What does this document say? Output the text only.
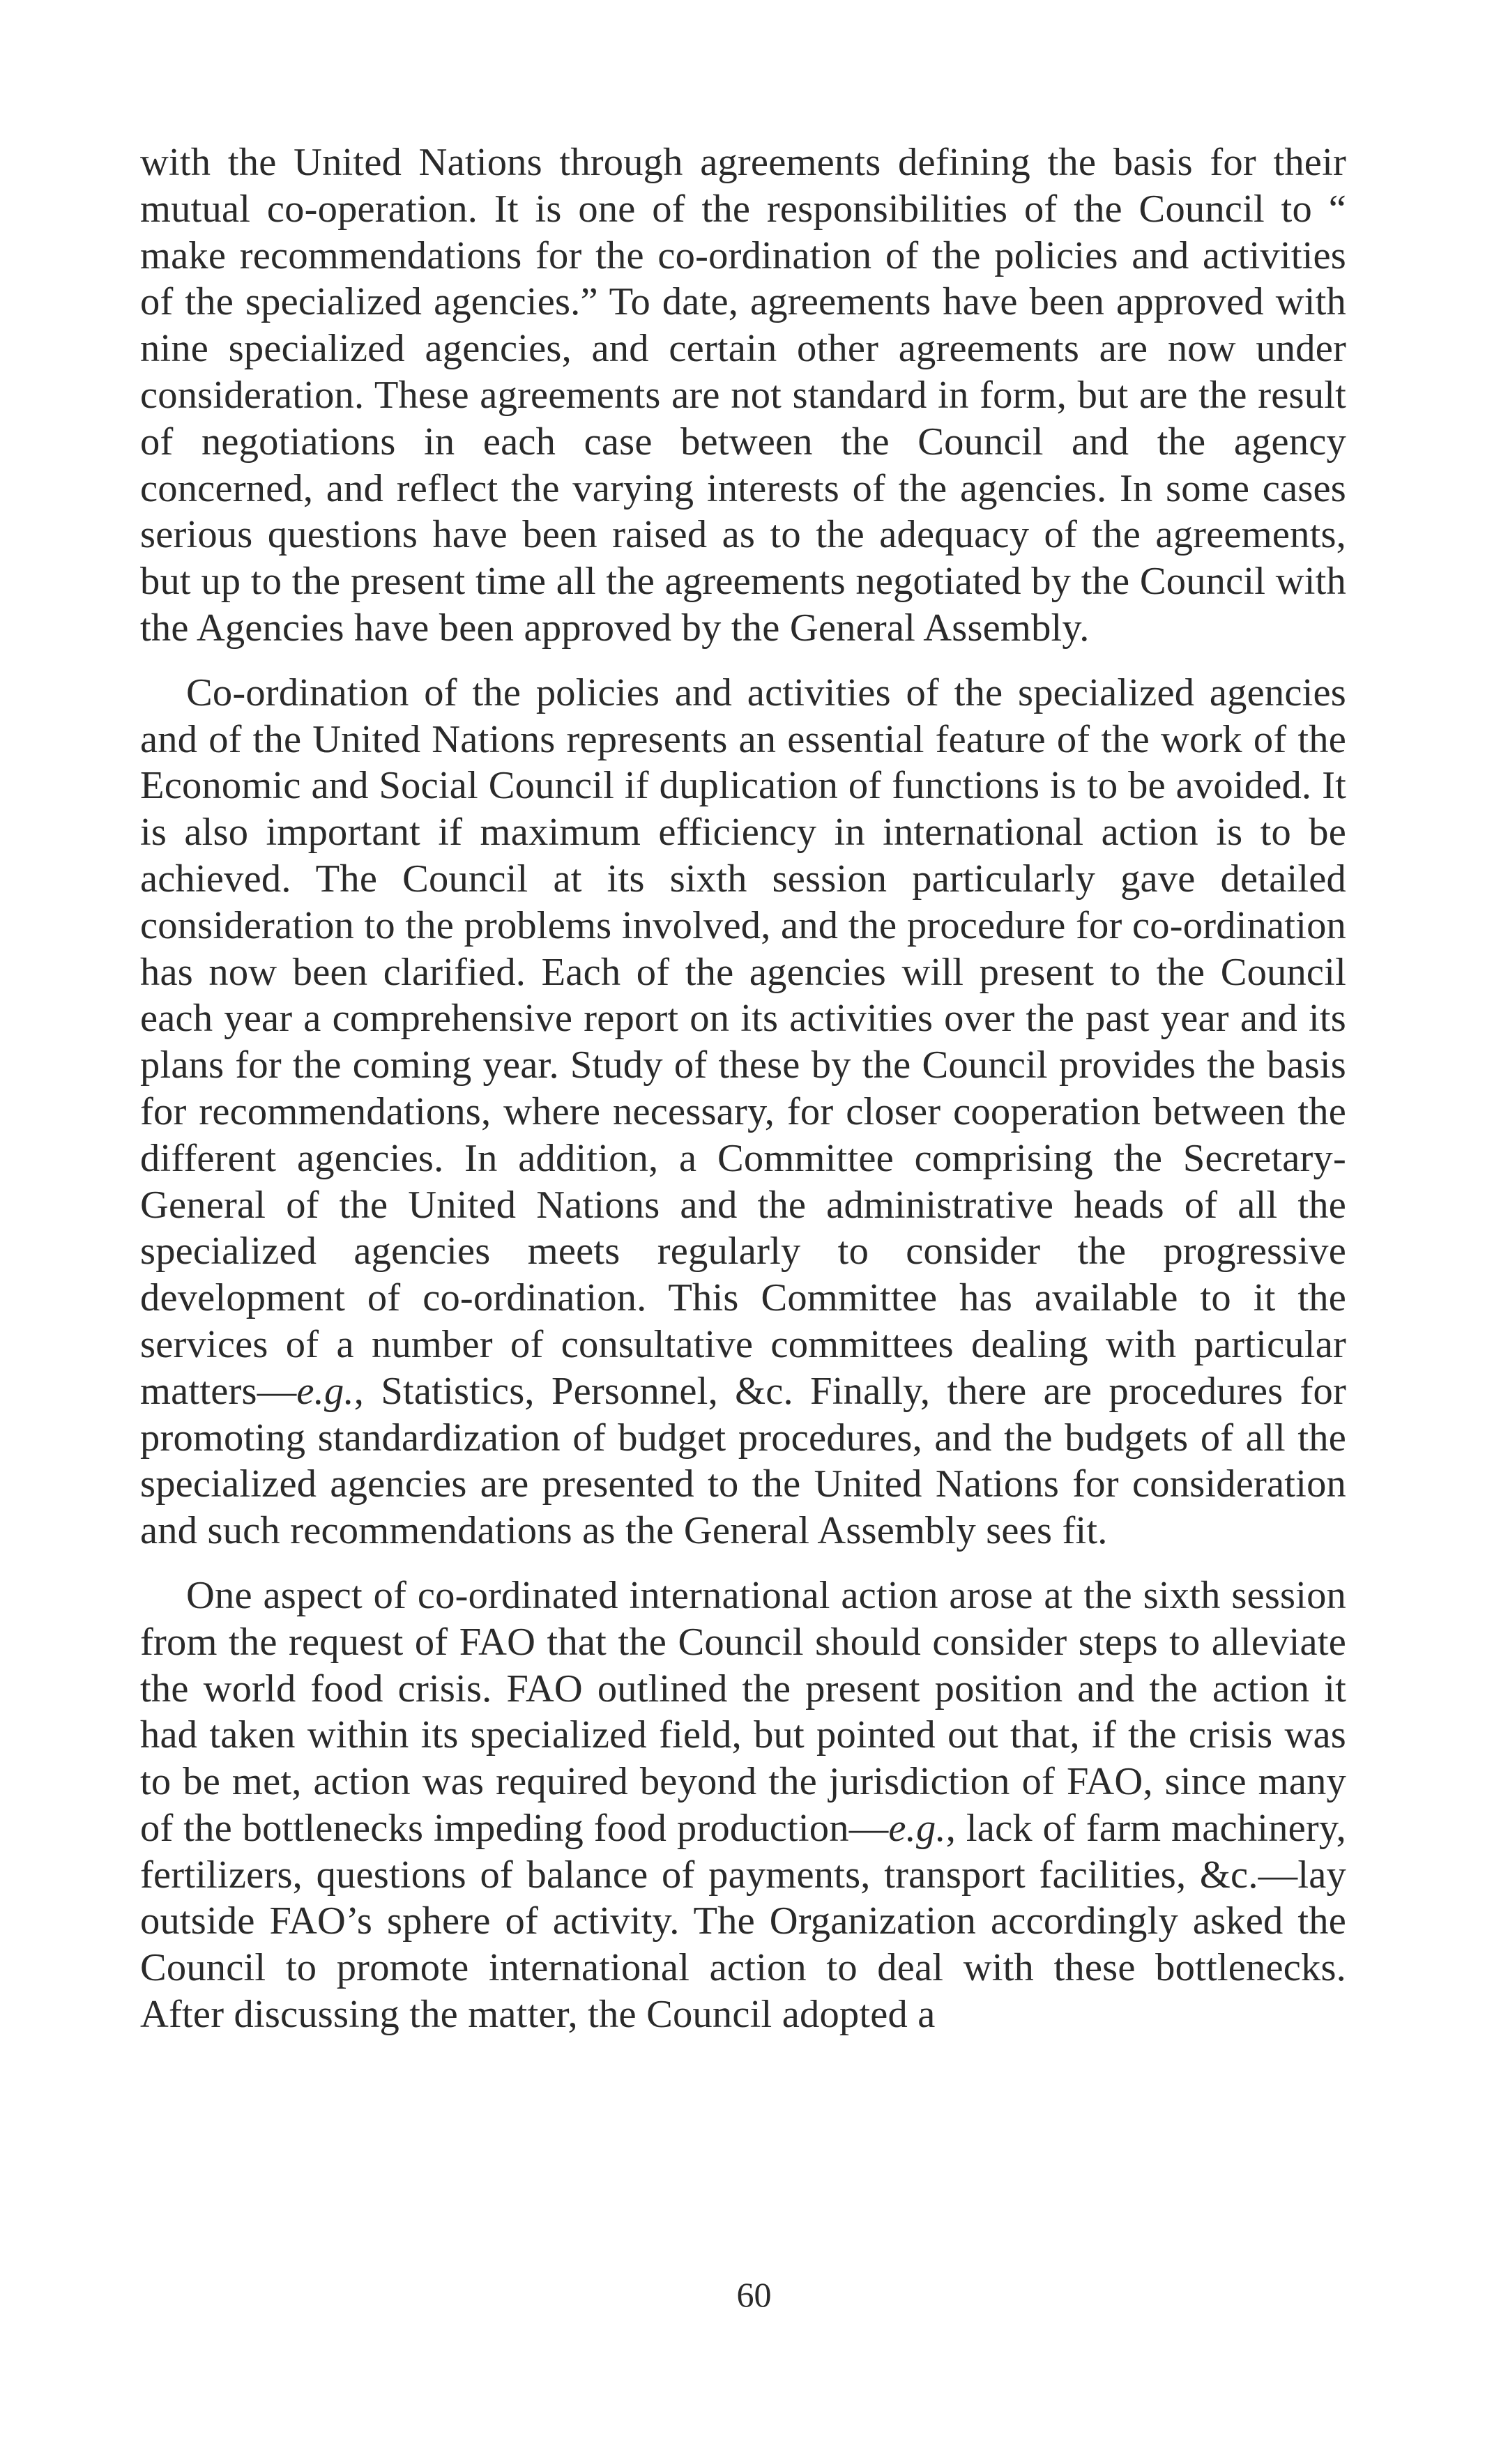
with the United Nations through agreements defining the basis for their mutual co-operation. It is one of the responsibilities of the Council to “ make recommendations for the co-ordination of the policies and activities of the specialized agencies.” To date, agreements have been approved with nine specialized agencies, and certain other agreements are now under consideration. These agreements are not standard in form, but are the result of negotiations in each case between the Council and the agency concerned, and reflect the varying interests of the agencies. In some cases serious questions have been raised as to the adequacy of the agreements, but up to the present time all the agreements negotiated by the Council with the Agencies have been approved by the General Assembly.

Co-ordination of the policies and activities of the specialized agencies and of the United Nations represents an essential feature of the work of the Economic and Social Council if duplication of functions is to be avoided. It is also important if maximum efficiency in international action is to be achieved. The Council at its sixth session particularly gave detailed consideration to the problems involved, and the procedure for co-ordination has now been clarified. Each of the agencies will present to the Council each year a comprehensive report on its activities over the past year and its plans for the coming year. Study of these by the Council provides the basis for recommendations, where necessary, for closer cooperation between the different agencies. In addition, a Committee comprising the Secretary-General of the United Nations and the administrative heads of all the specialized agencies meets regularly to consider the progressive development of co-ordination. This Committee has available to it the services of a number of consultative committees dealing with particular matters—e.g., Statistics, Personnel, &c. Finally, there are procedures for promoting standardization of budget procedures, and the budgets of all the specialized agencies are presented to the United Nations for consideration and such recommendations as the General Assembly sees fit.

One aspect of co-ordinated international action arose at the sixth session from the request of FAO that the Council should consider steps to alleviate the world food crisis. FAO outlined the present position and the action it had taken within its specialized field, but pointed out that, if the crisis was to be met, action was required beyond the jurisdiction of FAO, since many of the bottlenecks impeding food production—e.g., lack of farm machinery, fertilizers, questions of balance of payments, transport facilities, &c.—lay outside FAO’s sphere of activity. The Organization accordingly asked the Council to promote international action to deal with these bottlenecks. After discussing the matter, the Council adopted a

60
